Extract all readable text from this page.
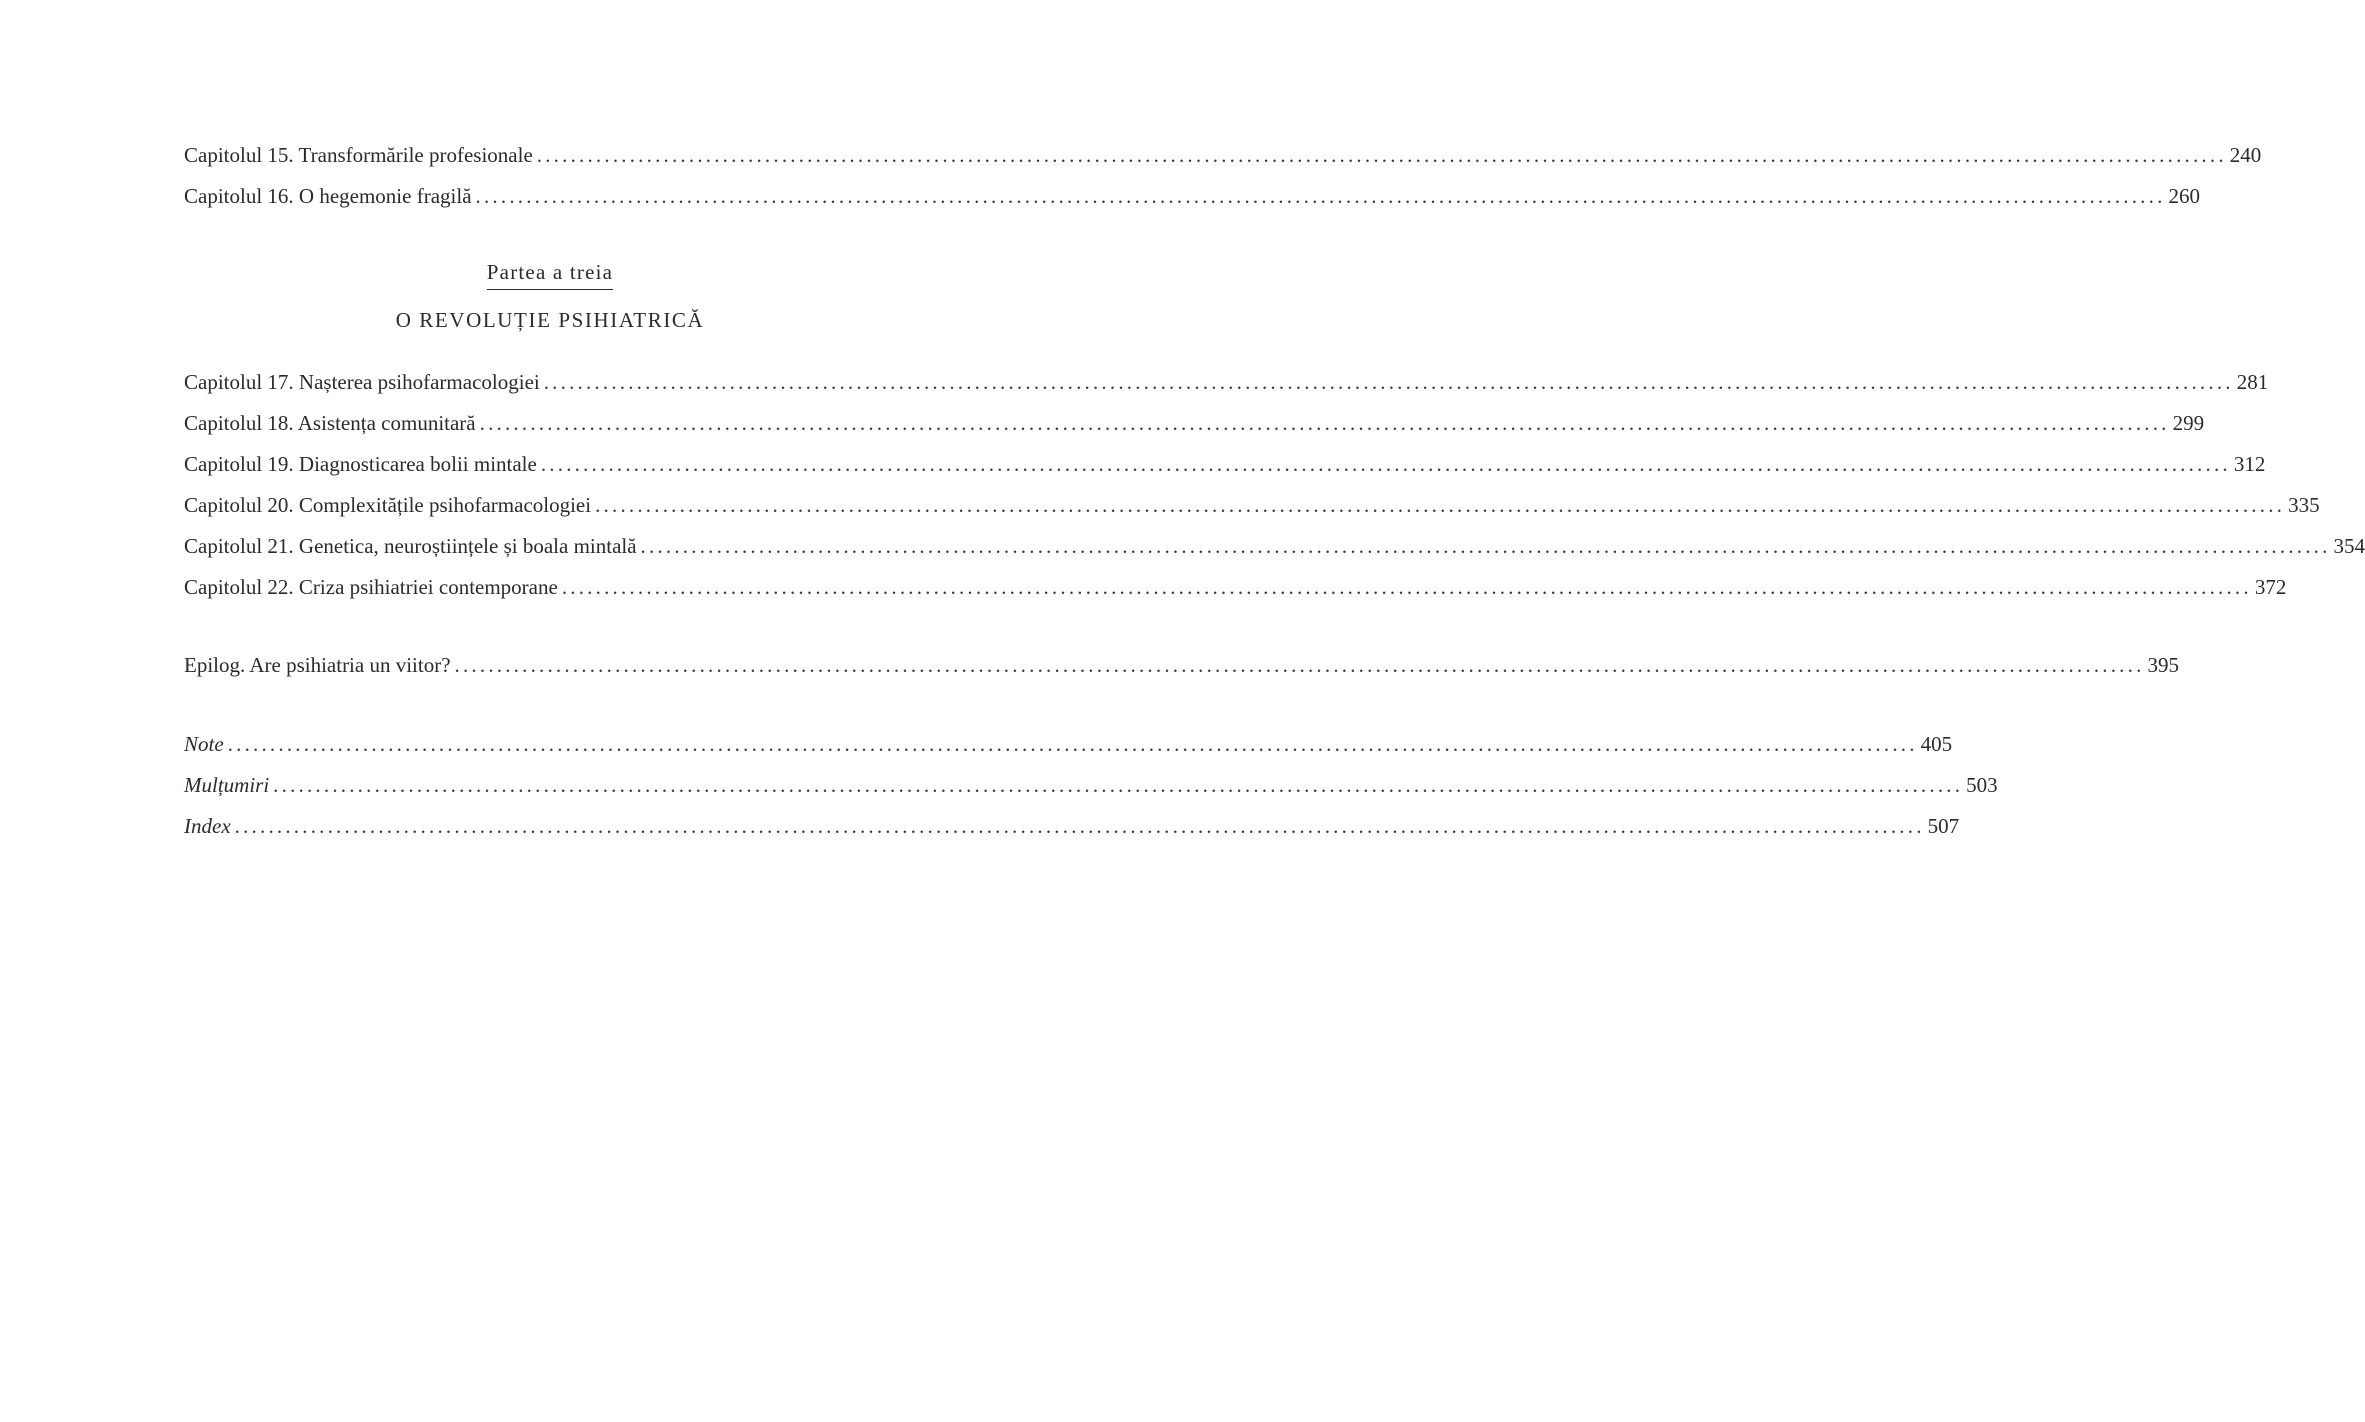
Capitolul 15. Transformările profesionale ........................................................................................................................................................................................................ 240
Capitolul 16. O hegemonie fragilă ........................................................................................................................................................................................................ 260
Partea a treia
O REVOLUȚIE PSIHIATRICĂ
Capitolul 17. Nașterea psihofarmacologiei ........................................................................................................................................................................................................ 281
Capitolul 18. Asistența comunitară ........................................................................................................................................................................................................ 299
Capitolul 19. Diagnosticarea bolii mintale ........................................................................................................................................................................................................ 312
Capitolul 20. Complexitățile psihofarmacologiei ........................................................................................................................................................................................................ 335
Capitolul 21. Genetica, neuroștiințele și boala mintală ........................................................................................................................................................................................................ 354
Capitolul 22. Criza psihiatriei contemporane ........................................................................................................................................................................................................ 372
Epilog. Are psihiatria un viitor? ........................................................................................................................................................................................................ 395
Note ........................................................................................................................................................................................................ 405
Mulțumiri ........................................................................................................................................................................................................ 503
Index ........................................................................................................................................................................................................ 507
